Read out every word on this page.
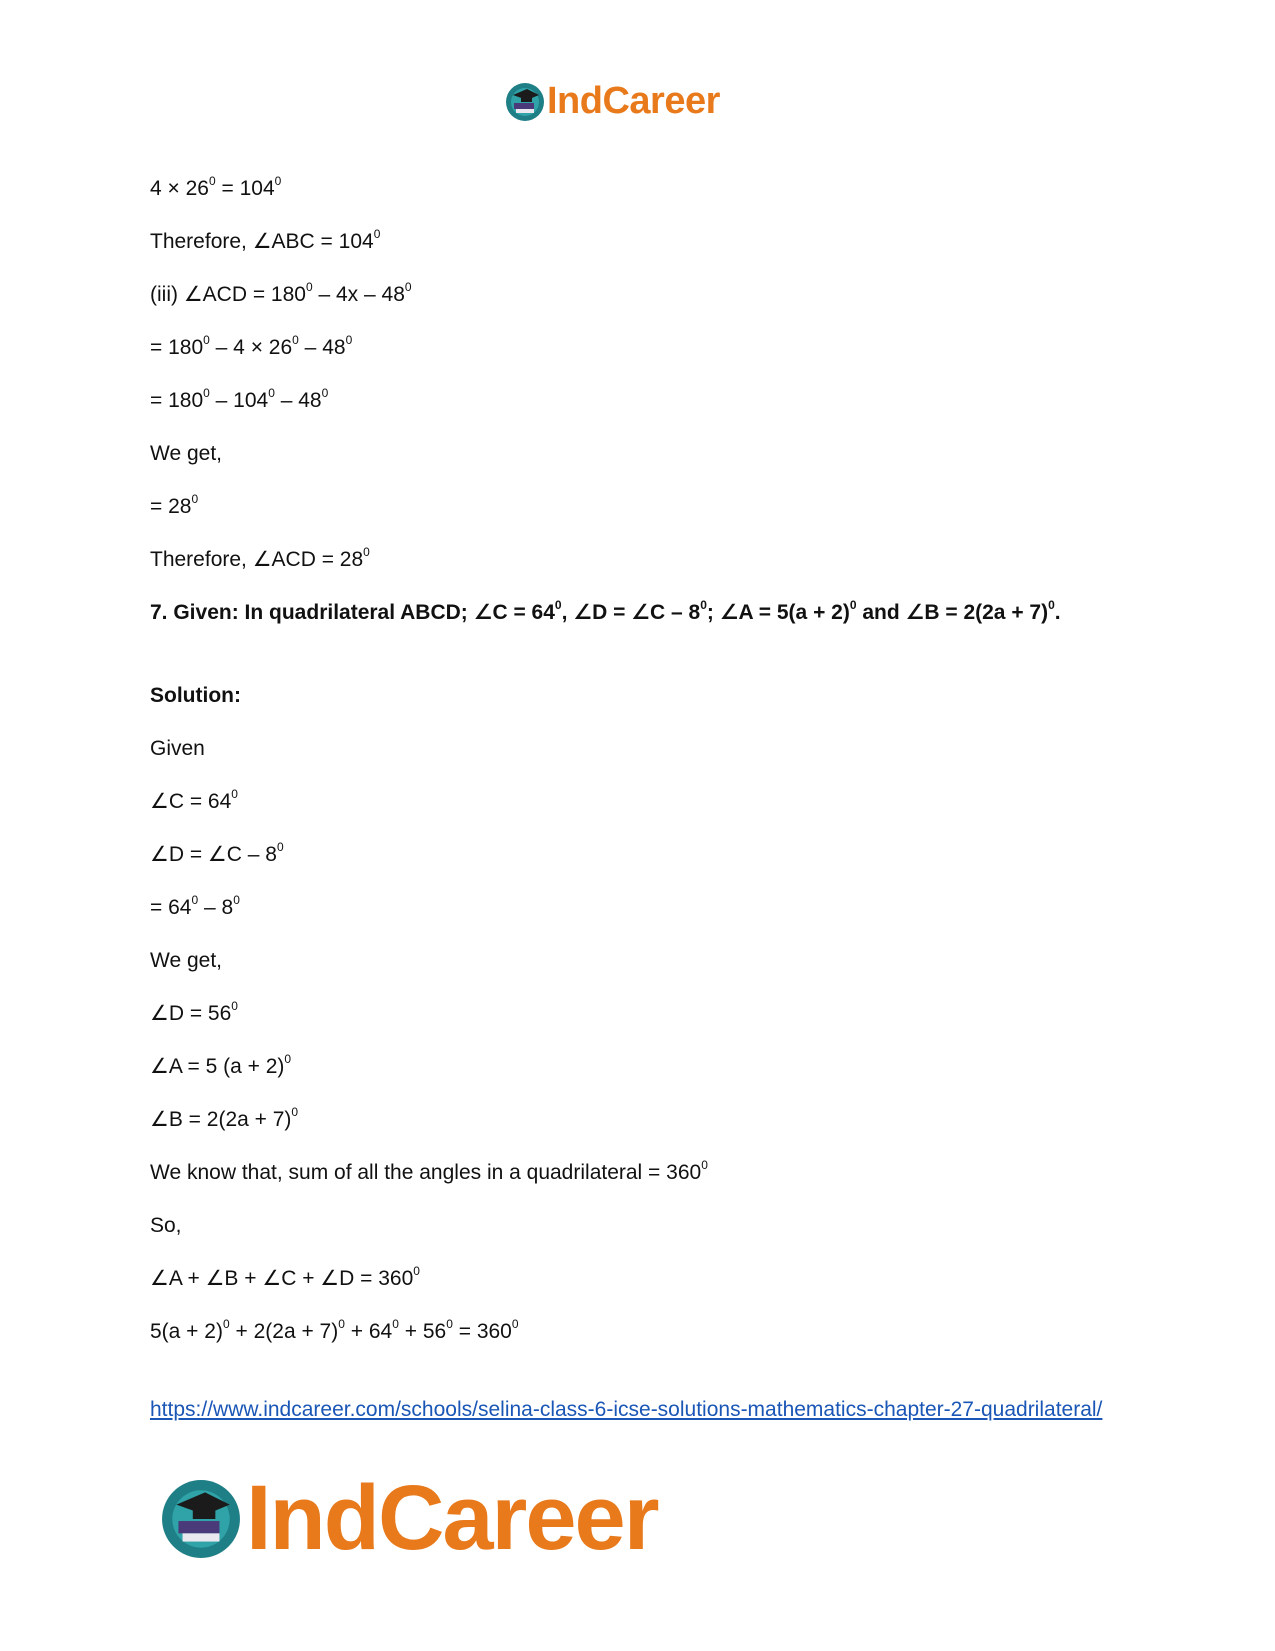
IndCareer
$4 \times 26^0 = 104^0$
Therefore, ∠ABC = $104^0$
(iii) ∠ACD = $180^0 - 4x - 48^0$
= $180^0 - 4 \times 26^0 - 48^0$
= $180^0 - 104^0 - 48^0$
We get,
= $28^0$
Therefore, ∠ACD = $28^0$
7. Given: In quadrilateral ABCD; ∠C = $64^0$, ∠D = ∠C – $8^0$; ∠A = $5(a + 2)^0$ and ∠B = $2(2a + 7)^0$.
Solution:
Given
∠C = $64^0$
∠D = ∠C – $8^0$
= $64^0 - 8^0$
We get,
∠D = $56^0$
∠A = 5 $(a + 2)^0$
∠B = $2(2a + 7)^0$
We know that, sum of all the angles in a quadrilateral = $360^0$
So,
∠A + ∠B + ∠C + ∠D = $360^0$
$5(a + 2)^0 + 2(2a + 7)^0 + 64^0 + 56^0 = 360^0$
https://www.indcareer.com/schools/selina-class-6-icse-solutions-mathematics-chapter-27-quadrilateral/
IndCareer
